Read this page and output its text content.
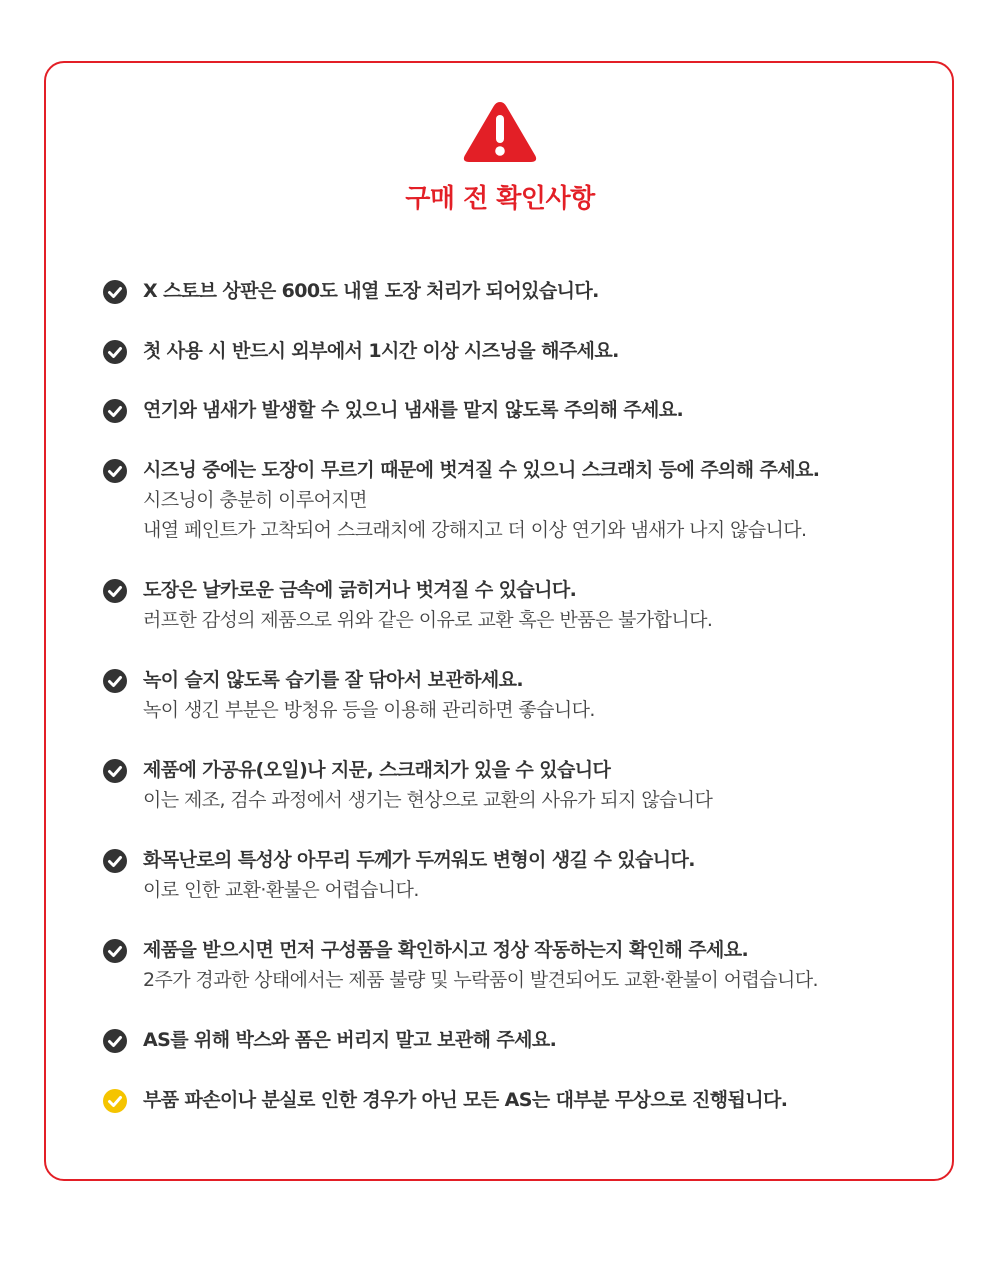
구매 전 확인사항
X 스토브 상판은 600도 내열 도장 처리가 되어있습니다.
첫 사용 시 반드시 외부에서 1시간 이상 시즈닝을 해주세요.
연기와 냄새가 발생할 수 있으니 냄새를 맡지 않도록 주의해 주세요.
시즈닝 중에는 도장이 무르기 때문에 벗겨질 수 있으니 스크래치 등에 주의해 주세요.
시즈닝이 충분히 이루어지면
내열 페인트가 고착되어 스크래치에 강해지고 더 이상 연기와 냄새가 나지 않습니다.
도장은 날카로운 금속에 긁히거나 벗겨질 수 있습니다.
러프한 감성의 제품으로 위와 같은 이유로 교환 혹은 반품은 불가합니다.
녹이 슬지 않도록 습기를 잘 닦아서 보관하세요.
녹이 생긴 부분은 방청유 등을 이용해 관리하면 좋습니다.
제품에 가공유(오일)나 지문, 스크래치가 있을 수 있습니다
이는 제조, 검수 과정에서 생기는 현상으로 교환의 사유가 되지 않습니다
화목난로의 특성상 아무리 두께가 두꺼워도 변형이 생길 수 있습니다.
이로 인한 교환·환불은 어렵습니다.
제품을 받으시면 먼저 구성품을 확인하시고 정상 작동하는지 확인해 주세요.
2주가 경과한 상태에서는 제품 불량 및 누락품이 발견되어도 교환·환불이 어렵습니다.
AS를 위해 박스와 폼은 버리지 말고 보관해 주세요.
부품 파손이나 분실로 인한 경우가 아닌 모든 AS는 대부분 무상으로 진행됩니다.
